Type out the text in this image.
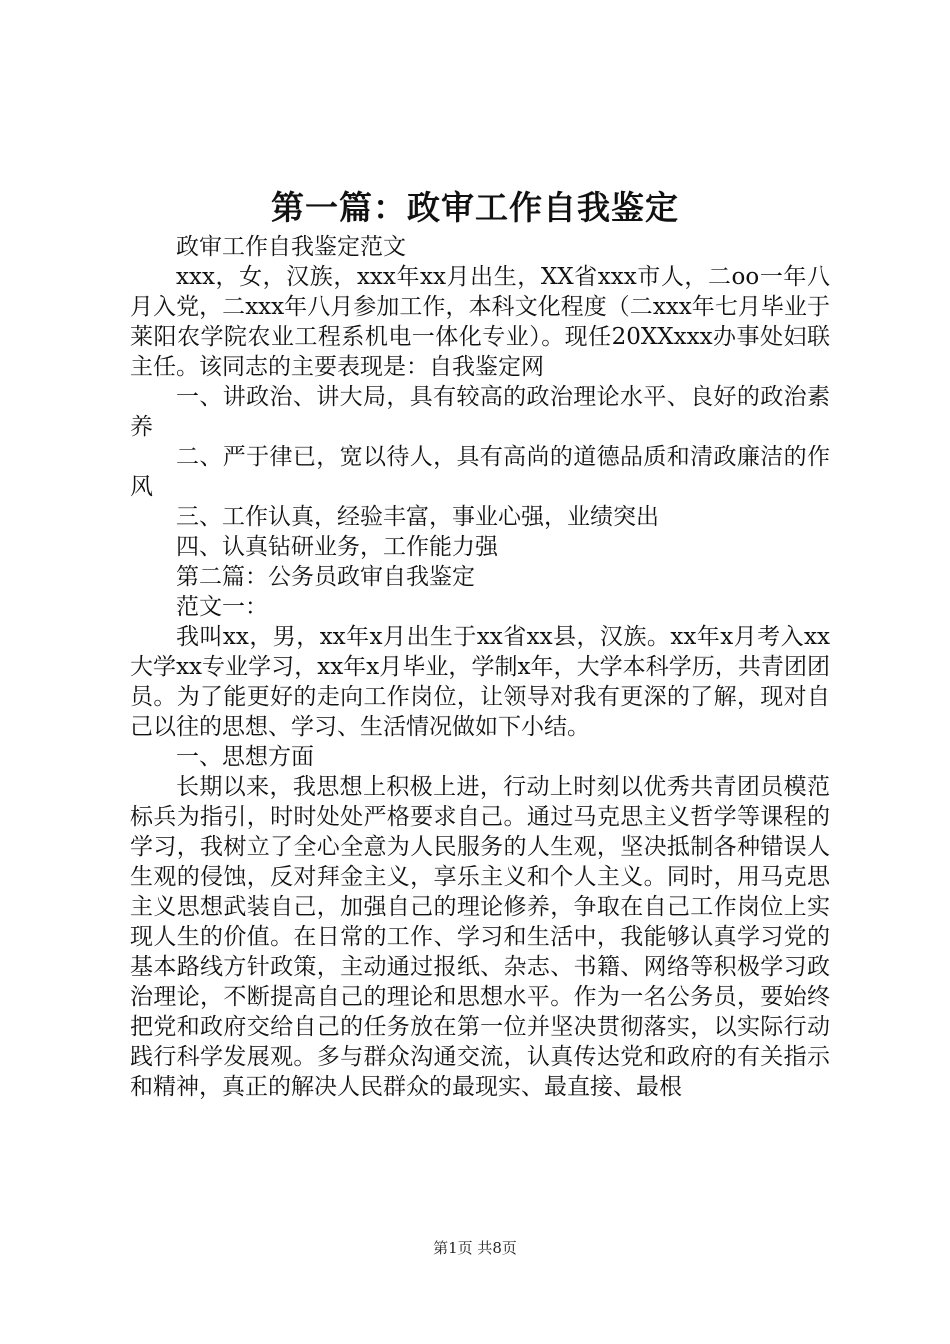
第一篇：政审工作自我鉴定

政审工作自我鉴定范文

xxx，女，汉族，xxx年xx月出生，XX省xxx市人，二oo一年八月入党，二xxx年八月参加工作，本科文化程度（二xxx年七月毕业于莱阳农学院农业工程系机电一体化专业）。现任20XXxxx办事处妇联主任。该同志的主要表现是：自我鉴定网

一、讲政治、讲大局，具有较高的政治理论水平、良好的政治素养

二、严于律已，宽以待人，具有高尚的道德品质和清政廉洁的作风

三、工作认真，经验丰富，事业心强，业绩突出

四、认真钻研业务，工作能力强

第二篇：公务员政审自我鉴定

范文一：

我叫xx，男，xx年x月出生于xx省xx县，汉族。xx年x月考入xx大学xx专业学习，xx年x月毕业，学制x年，大学本科学历，共青团团员。为了能更好的走向工作岗位，让领导对我有更深的了解，现对自己以往的思想、学习、生活情况做如下小结。

一、思想方面

长期以来，我思想上积极上进，行动上时刻以优秀共青团员模范标兵为指引，时时处处严格要求自己。通过马克思主义哲学等课程的学习，我树立了全心全意为人民服务的人生观，坚决抵制各种错误人生观的侵蚀，反对拜金主义，享乐主义和个人主义。同时，用马克思主义思想武装自己，加强自己的理论修养，争取在自己工作岗位上实现人生的价值。在日常的工作、学习和生活中，我能够认真学习党的基本路线方针政策，主动通过报纸、杂志、书籍、网络等积极学习政治理论，不断提高自己的理论和思想水平。作为一名公务员，要始终把党和政府交给自己的任务放在第一位并坚决贯彻落实，以实际行动践行科学发展观。多与群众沟通交流，认真传达党和政府的有关指示和精神，真正的解决人民群众的最现实、最直接、最根

第1页 共8页
